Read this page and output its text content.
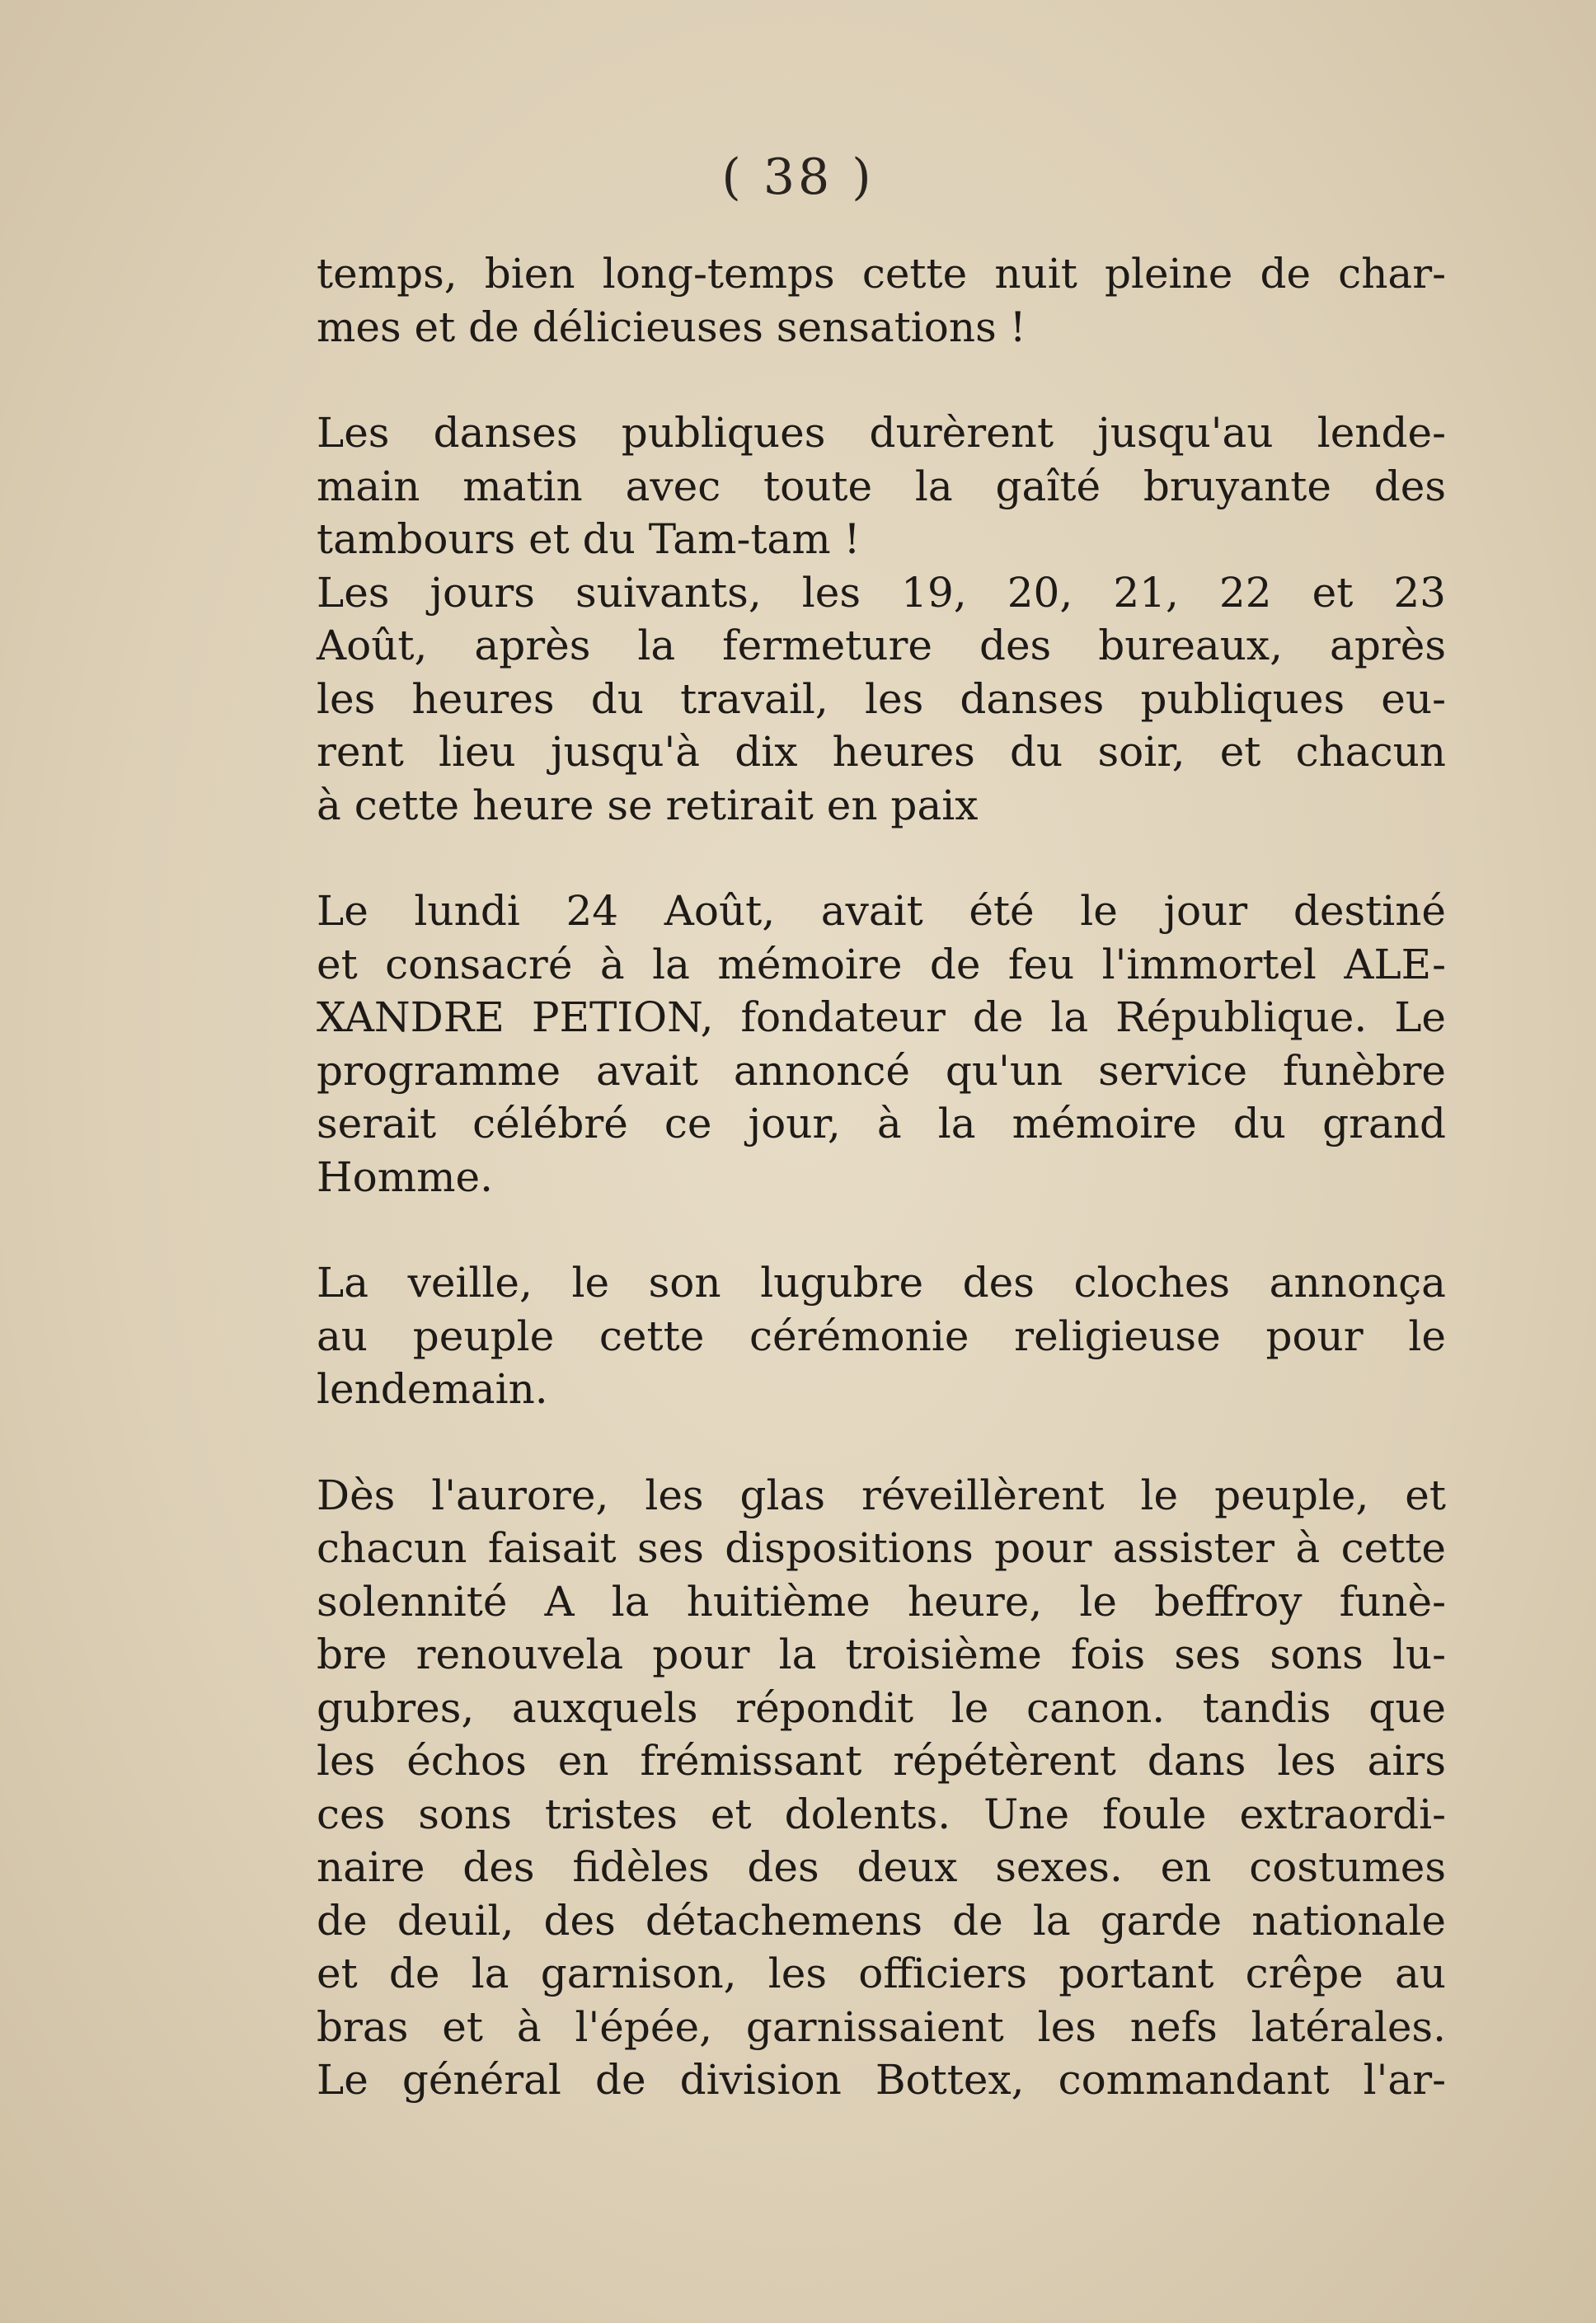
( 38 )
temps, bien long-temps cette nuit pleine de char-
mes et de délicieuses sensations !
Les danses publiques durèrent jusqu'au lende-
main matin avec toute la gaîté bruyante des
tambours et du Tam-tam !
Les jours suivants, les 19, 20, 21, 22 et 23
Août, après la fermeture des bureaux, après
les heures du travail, les danses publiques eu-
rent lieu jusqu'à dix heures du soir, et chacun
à cette heure se retirait en paix
Le lundi 24 Août, avait été le jour destiné
et consacré à la mémoire de feu l'immortel ALE-
XANDRE PETION, fondateur de la République. Le
programme avait annoncé qu'un service funèbre
serait célébré ce jour, à la mémoire du grand
Homme.
La veille, le son lugubre des cloches annonça
au peuple cette cérémonie religieuse pour le
lendemain.
Dès l'aurore, les glas réveillèrent le peuple, et
chacun faisait ses dispositions pour assister à cette
solennité A la huitième heure, le beffroy funè-
bre renouvela pour la troisième fois ses sons lu-
gubres, auxquels répondit le canon. tandis que
les échos en frémissant répétèrent dans les airs
ces sons tristes et dolents. Une foule extraordi-
naire des fidèles des deux sexes. en costumes
de deuil, des détachemens de la garde nationale
et de la garnison, les officiers portant crêpe au
bras et à l'épée, garnissaient les nefs latérales.
Le général de division Bottex, commandant l'ar-
